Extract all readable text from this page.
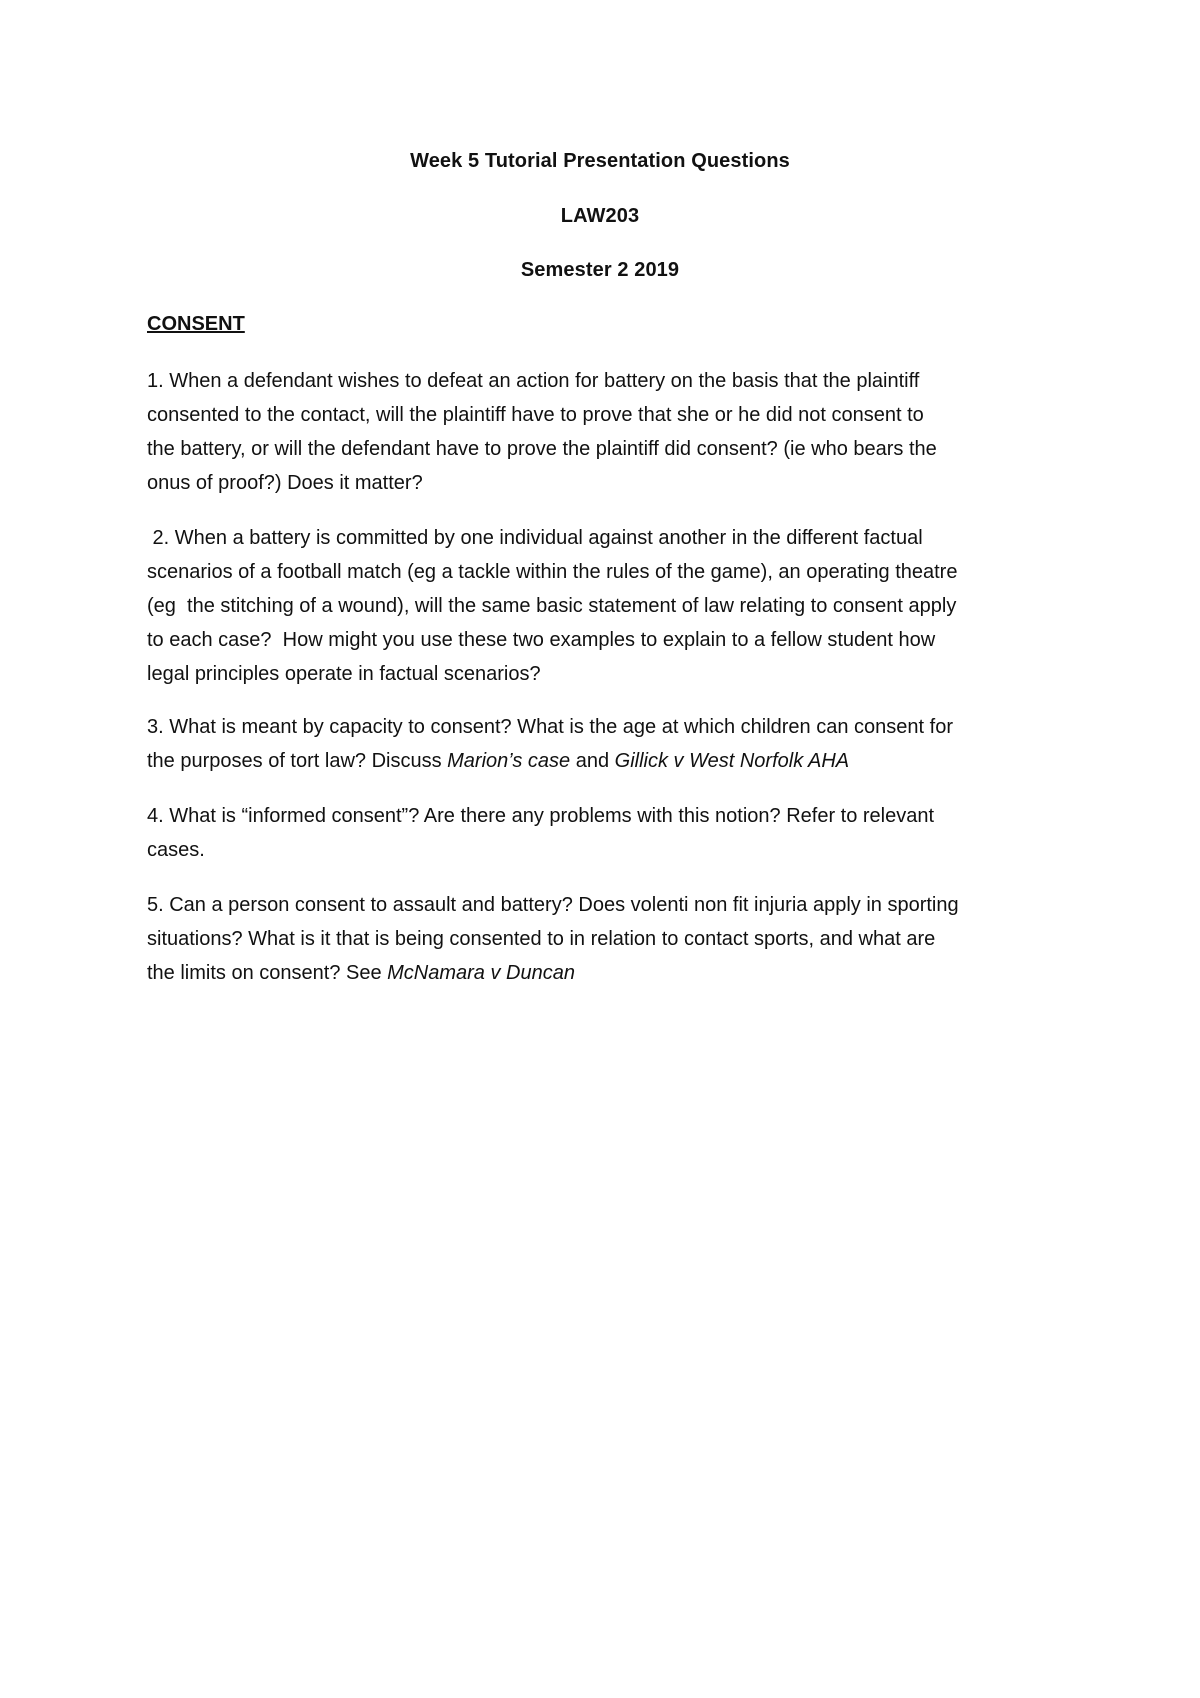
Week 5 Tutorial Presentation Questions
LAW203
Semester 2 2019
CONSENT

1. When a defendant wishes to defeat an action for battery on the basis that the plaintiff
consented to the contact, will the plaintiff have to prove that she or he did not consent to
the battery, or will the defendant have to prove the plaintiff did consent? (ie who bears the
onus of proof?) Does it matter?

2. When a battery is committed by one individual against another in the different factual
scenarios of a football match (eg a tackle within the rules of the game), an operating theatre
(eg  the stitching of a wound), will the same basic statement of law relating to consent apply
to each case?  How might you use these two examples to explain to a fellow student how
legal principles operate in factual scenarios?

3. What is meant by capacity to consent? What is the age at which children can consent for
the purposes of tort law? Discuss Marion’s case and Gillick v West Norfolk AHA

4. What is “informed consent”? Are there any problems with this notion? Refer to relevant
cases.

5. Can a person consent to assault and battery? Does volenti non fit injuria apply in sporting
situations? What is it that is being consented to in relation to contact sports, and what are
the limits on consent? See McNamara v Duncan
